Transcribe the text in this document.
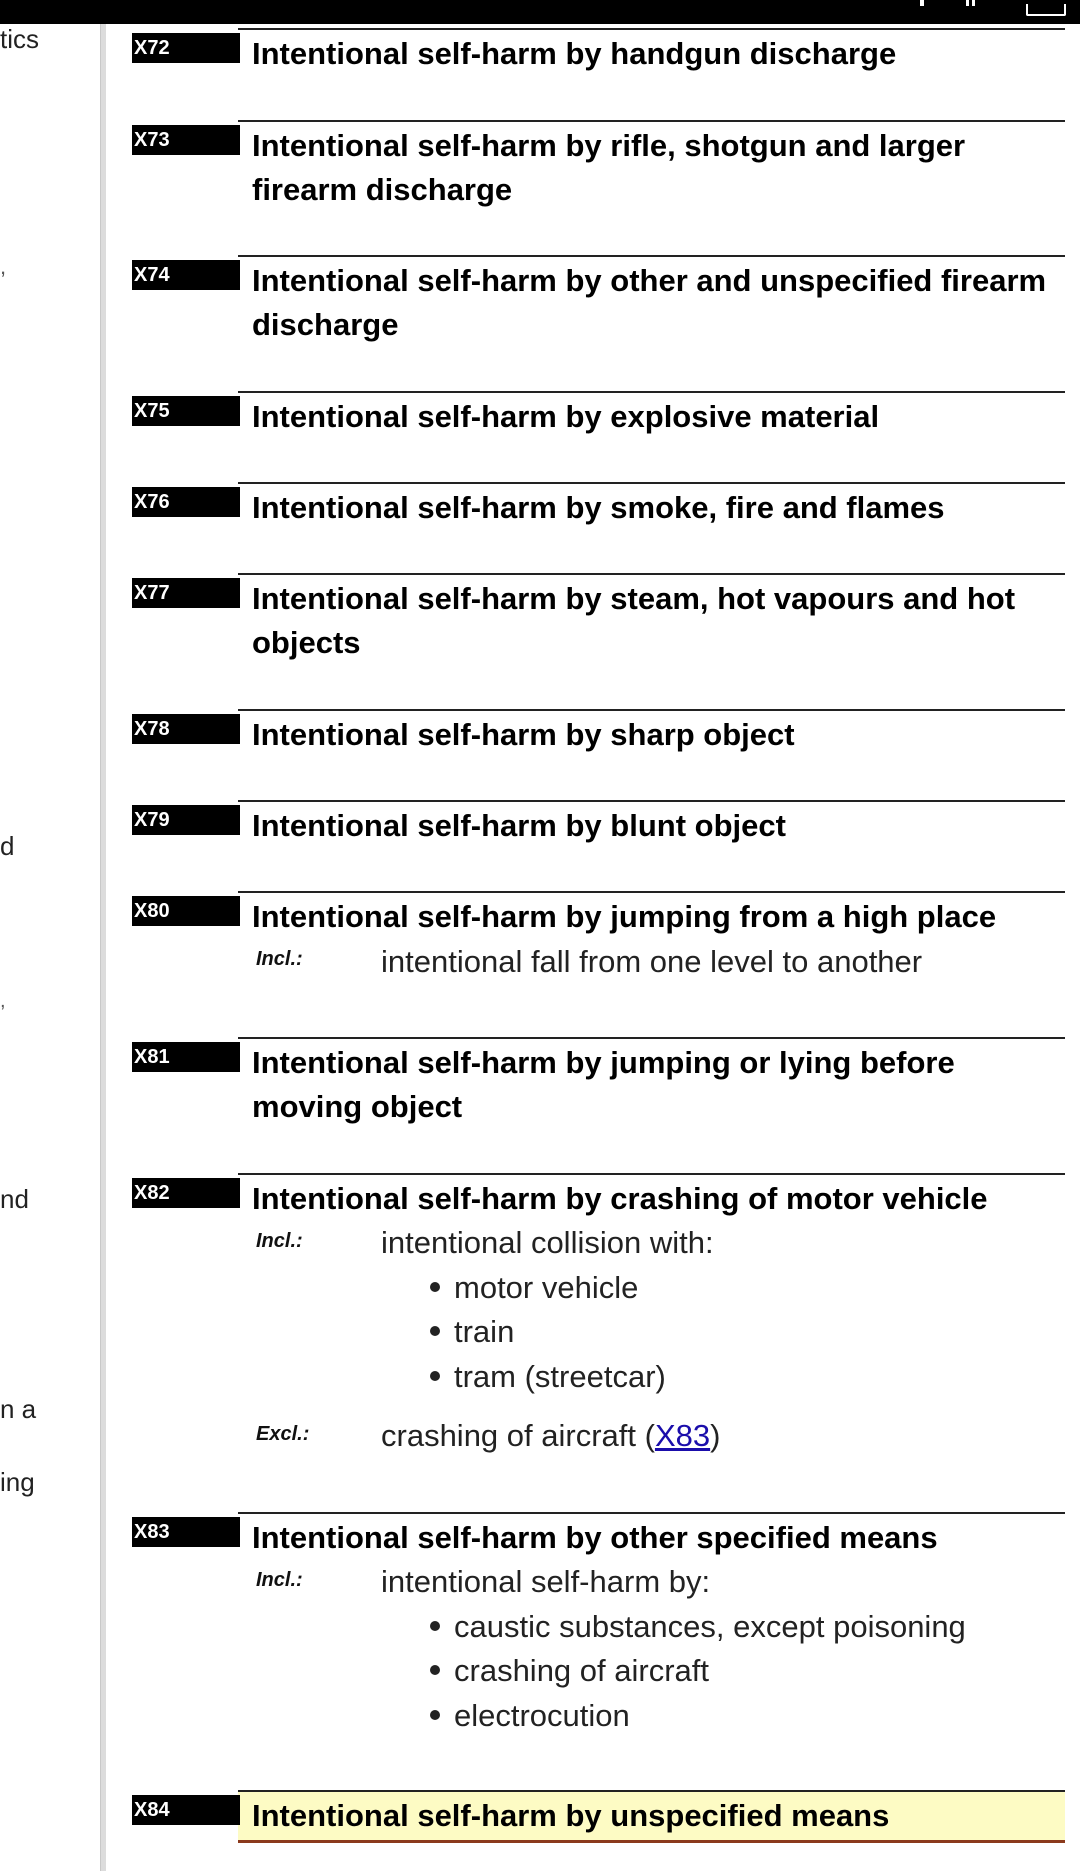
tics
,
,
d
nd
n a
ing
X72	Intentional self-harm by handgun discharge
X73	Intentional self-harm by rifle, shotgun and larger firearm discharge
X74	Intentional self-harm by other and unspecified firearm discharge
X75	Intentional self-harm by explosive material
X76	Intentional self-harm by smoke, fire and flames
X77	Intentional self-harm by steam, hot vapours and hot objects
X78	Intentional self-harm by sharp object
X79	Intentional self-harm by blunt object
X80	Intentional self-harm by jumping from a high place
Incl.:	intentional fall from one level to another
X81	Intentional self-harm by jumping or lying before moving object
X82	Intentional self-harm by crashing of motor vehicle
Incl.:	intentional collision with:
motor vehicle
train
tram (streetcar)
Excl.: crashing of aircraft (X83)
X83	Intentional self-harm by other specified means
Incl.:	intentional self-harm by:
caustic substances, except poisoning
crashing of aircraft
electrocution
X84	Intentional self-harm by unspecified means
